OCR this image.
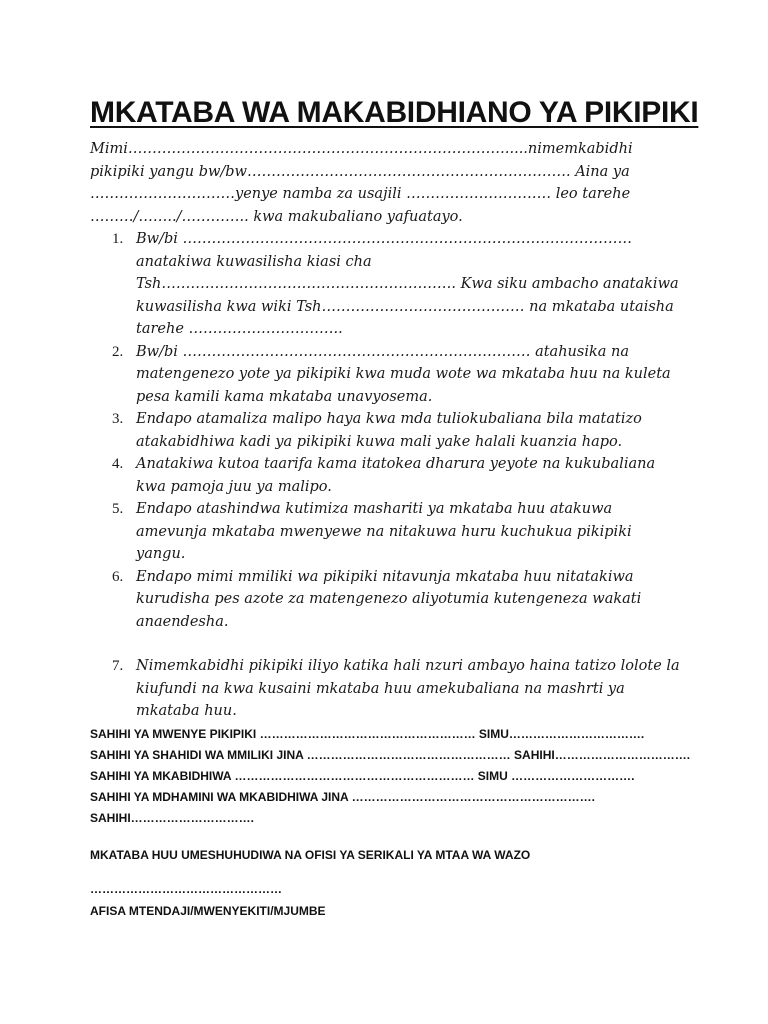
MKATABA WA MAKABIDHIANO YA PIKIPIKI

Mimi…………………………………………………………………….....nimemkabidhi pikipiki yangu bw/bw…………………………………………………………. Aina ya …………………………yenye namba za usajili ………………………… leo tarehe ………/……../………….. kwa makubaliano yafuatayo.

1. Bw/bi …………………………………………………………………………………anatakiwa kuwasilisha kiasi cha Tsh……………………………………………………. Kwa siku ambacho anatakiwa kuwasilisha kwa wiki Tsh…………………………………… na mkataba utaisha tarehe …………………………..
2. Bw/bi ……………………………………………………………… atahusika na matengenezo yote ya pikipiki kwa muda wote wa mkataba huu na kuleta pesa kamili kama mkataba unavyosema.
3. Endapo atamaliza malipo haya kwa mda tuliokubaliana bila matatizo atakabidhiwa kadi ya pikipiki kuwa mali yake halali kuanzia hapo.
4. Anatakiwa kutoa taarifa kama itatokea dharura yeyote na kukubaliana kwa pamoja juu ya malipo.
5. Endapo atashindwa kutimiza mashariti ya mkataba huu atakuwa amevunja mkataba mwenyewe na nitakuwa huru kuchukua pikipiki yangu.
6. Endapo mimi mmiliki wa pikipiki nitavunja mkataba huu nitatakiwa kurudisha pes azote za matengenezo aliyotumia kutengeneza wakati anaendesha.
7. Nimemkabidhi pikipiki iliyo katika hali nzuri ambayo haina tatizo lolote la kiufundi na kwa kusaini mkataba huu amekubaliana na mashrti ya mkataba huu.

SAHIHI YA MWENYE PIKIPIKI ……………………………………………… SIMU…………………………….

SAHIHI YA SHAHIDI WA MMILIKI JINA …………………………………………… SAHIHI…………………………….

SAHIHI YA MKABIDHIWA …………………………………………………… SIMU ………………………….

SAHIHI YA MDHAMINI WA MKABIDHIWA JINA …………………………………………………….

SAHIHI………………………….

MKATABA HUU UMESHUHUDIWA NA OFISI YA SERIKALI YA MTAA WA WAZO
…………………………………………
AFISA MTENDAJI/MWENYEKITI/MJUMBE
